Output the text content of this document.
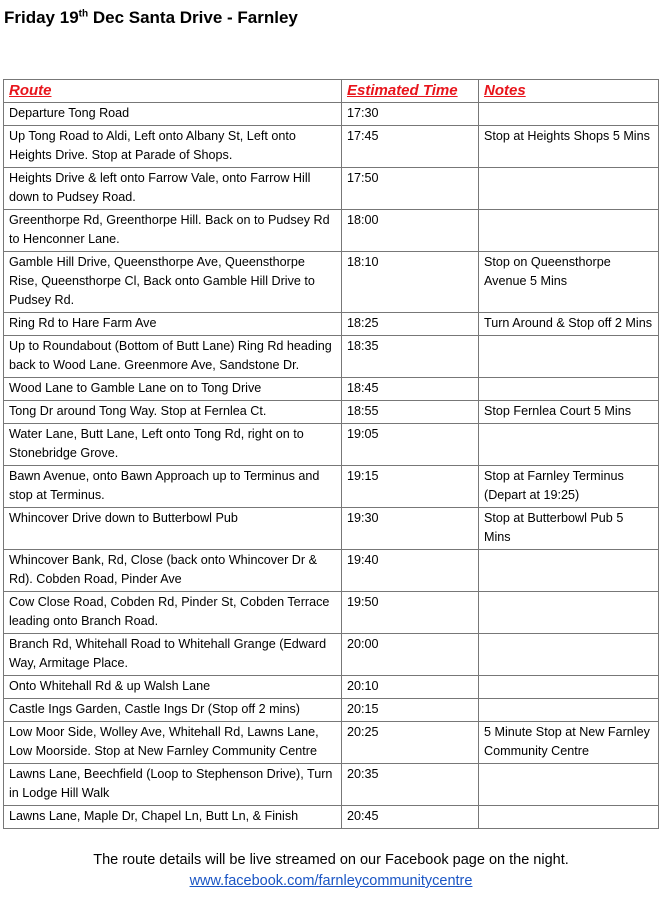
Friday 19th Dec Santa Drive - Farnley
Route	Estimated Time	Notes
Departure Tong Road	17:30	
Up Tong Road to Aldi, Left onto Albany St, Left onto Heights Drive. Stop at Parade of Shops.	17:45	Stop at Heights Shops 5 Mins
Heights Drive & left onto Farrow Vale, onto Farrow Hill down to Pudsey Road.	17:50	
Greenthorpe Rd, Greenthorpe Hill. Back on to Pudsey Rd to Henconner Lane.	18:00	
Gamble Hill Drive, Queensthorpe Ave, Queensthorpe Rise, Queensthorpe Cl, Back onto Gamble Hill Drive to Pudsey Rd.	18:10	Stop on Queensthorpe Avenue 5 Mins
Ring Rd to Hare Farm Ave	18:25	Turn Around & Stop off 2 Mins
Up to Roundabout (Bottom of Butt Lane) Ring Rd heading back to Wood Lane. Greenmore Ave, Sandstone Dr.	18:35	
Wood Lane to Gamble Lane on to Tong Drive	18:45	
Tong Dr around Tong Way. Stop at Fernlea Ct.	18:55	Stop Fernlea Court 5 Mins
Water Lane, Butt Lane, Left onto Tong Rd, right on to Stonebridge Grove.	19:05	
Bawn Avenue, onto Bawn Approach up to Terminus and stop at Terminus.	19:15	Stop at Farnley Terminus (Depart at 19:25)
Whincover Drive down to Butterbowl Pub	19:30	Stop at Butterbowl Pub 5 Mins
Whincover Bank, Rd, Close (back onto Whincover Dr & Rd). Cobden Road, Pinder Ave	19:40	
Cow Close Road, Cobden Rd, Pinder St, Cobden Terrace leading onto Branch Road.	19:50	
Branch Rd, Whitehall Road to Whitehall Grange (Edward Way, Armitage Place.	20:00	
Onto Whitehall Rd & up Walsh Lane	20:10	
Castle Ings Garden, Castle Ings Dr (Stop off 2 mins)	20:15	
Low Moor Side, Wolley Ave, Whitehall Rd, Lawns Lane, Low Moorside. Stop at New Farnley Community Centre	20:25	5 Minute Stop at New Farnley Community Centre
Lawns Lane, Beechfield (Loop to Stephenson Drive), Turn in Lodge Hill Walk	20:35	
Lawns Lane, Maple Dr, Chapel Ln, Butt Ln, & Finish	20:45	
The route details will be live streamed on our Facebook page on the night.
www.facebook.com/farnleycommunitycentre
